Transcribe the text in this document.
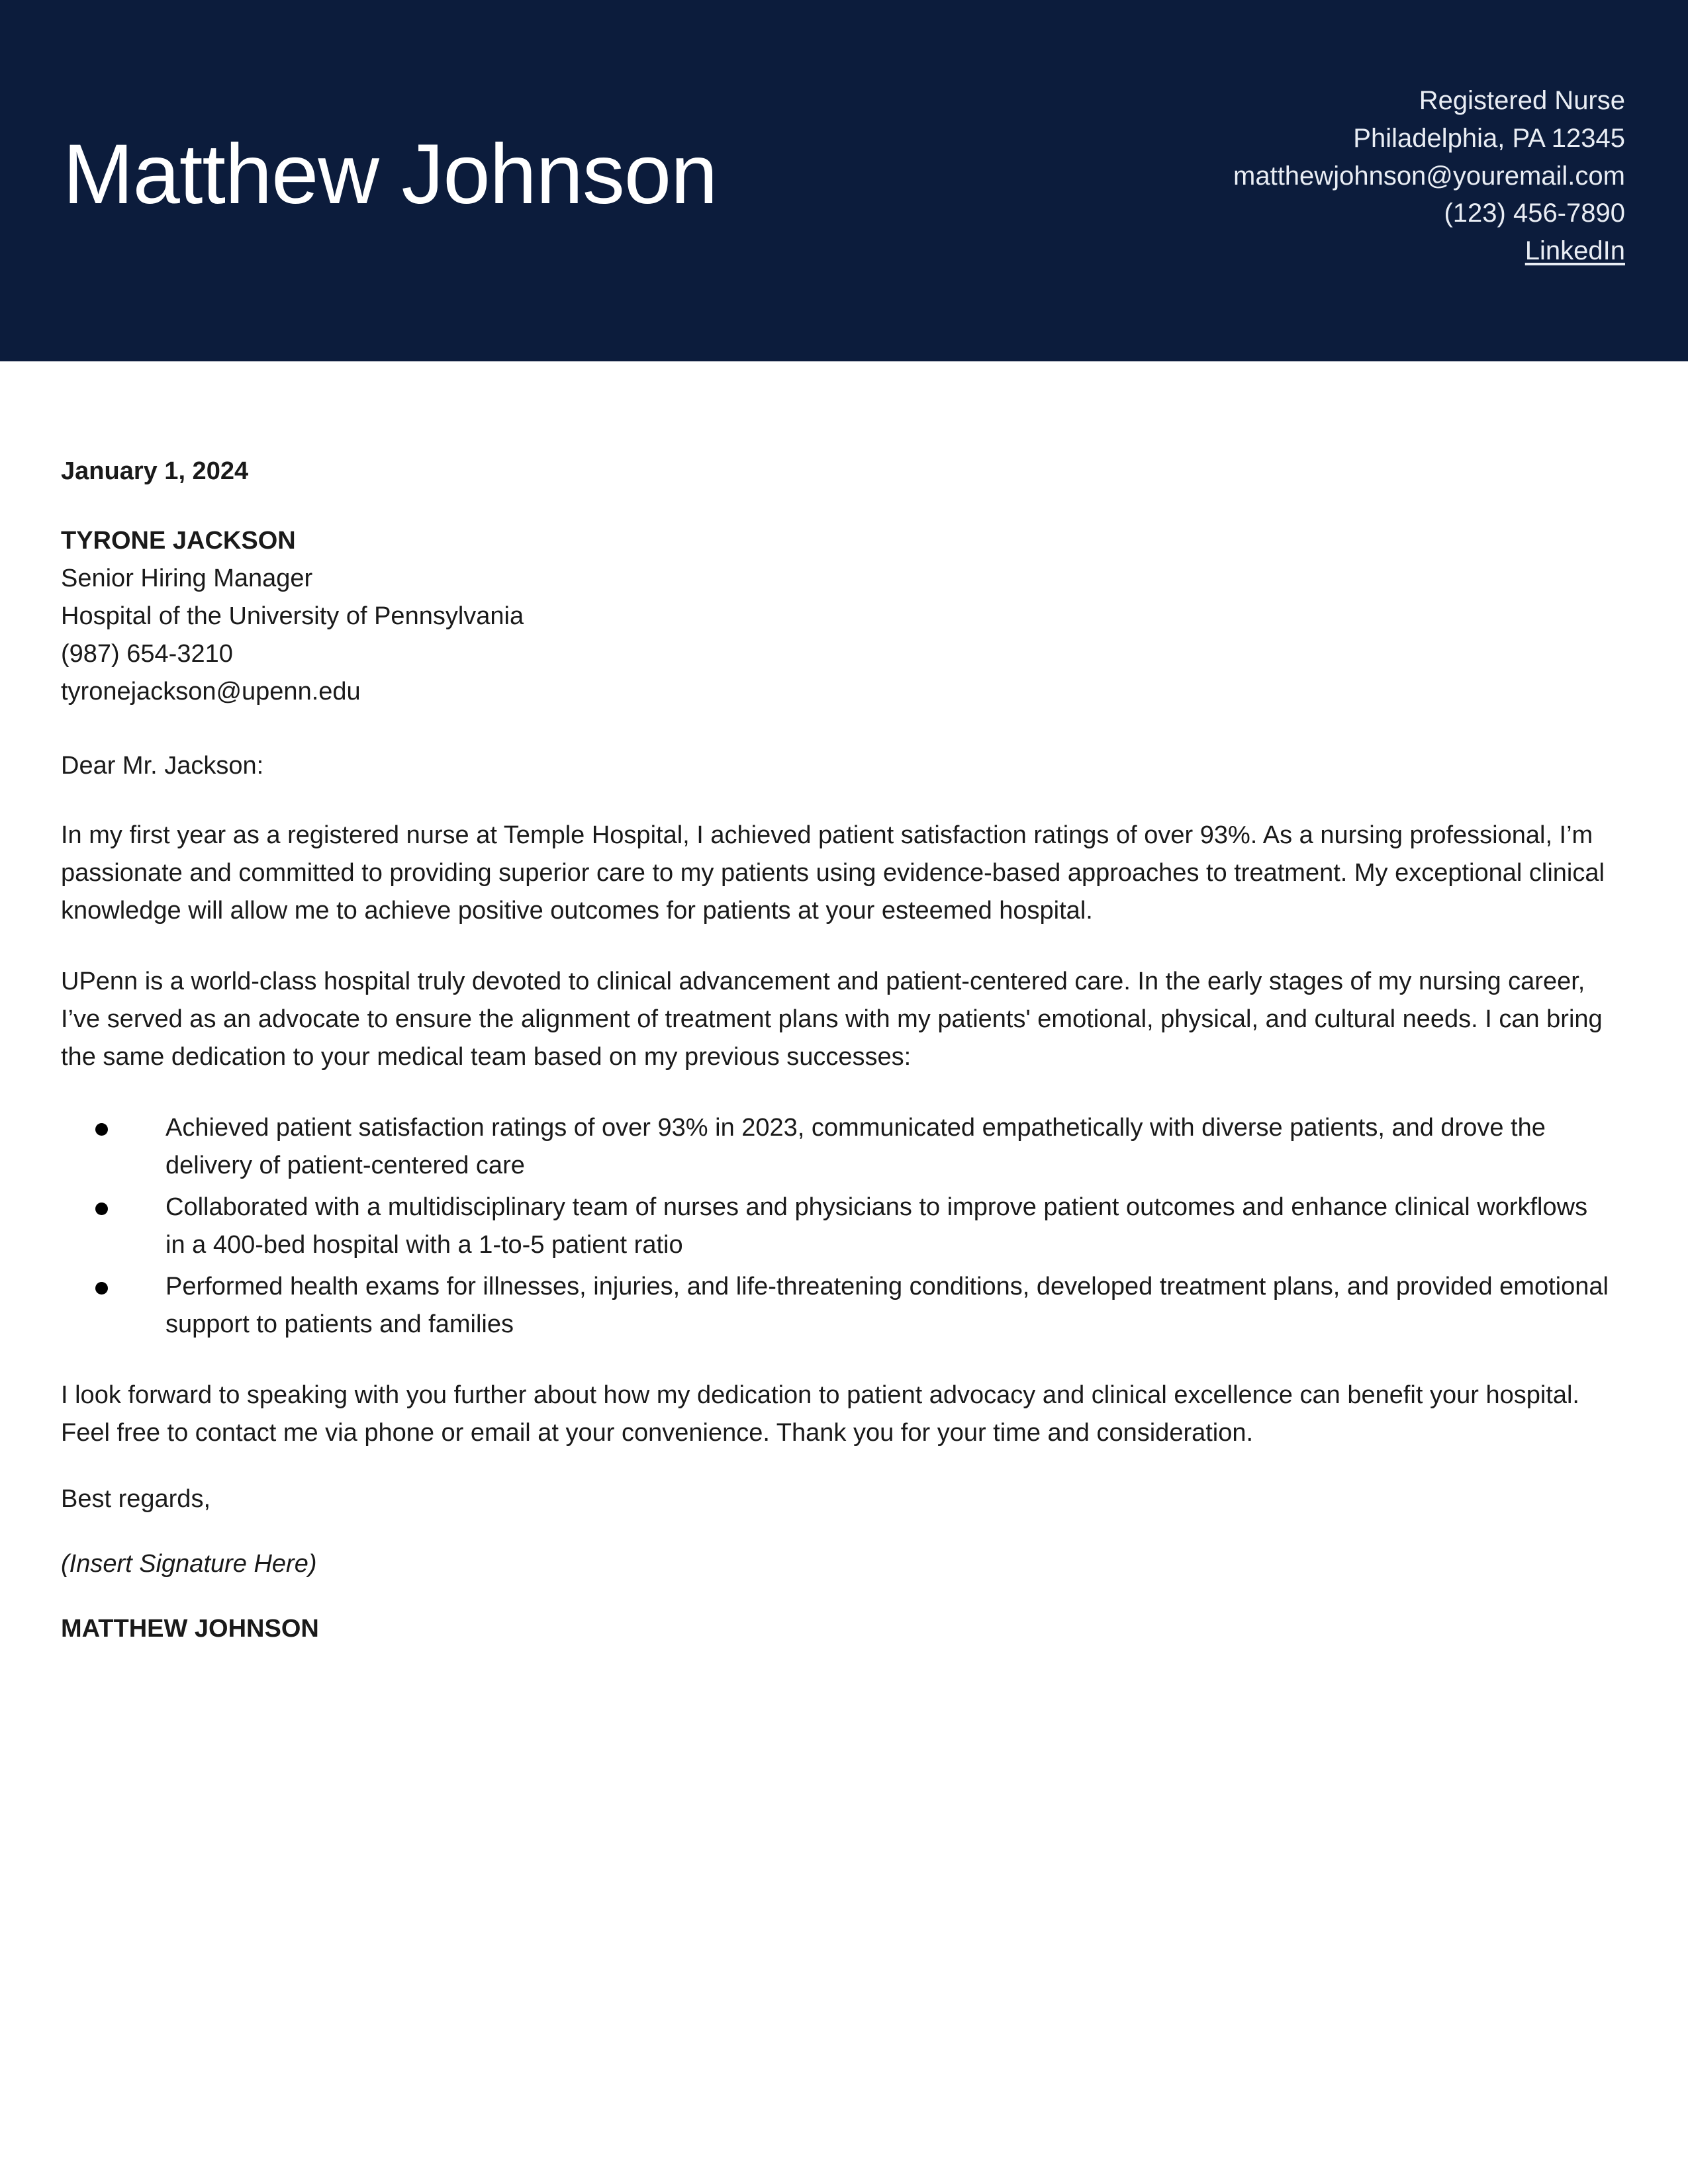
Matthew Johnson
Registered Nurse
Philadelphia, PA 12345
matthewjohnson@youremail.com
(123) 456-7890
LinkedIn

January 1, 2024

TYRONE JACKSON
Senior Hiring Manager
Hospital of the University of Pennsylvania
(987) 654-3210
tyronejackson@upenn.edu

Dear Mr. Jackson:

In my first year as a registered nurse at Temple Hospital, I achieved patient satisfaction ratings of over 93%. As a nursing professional, I’m passionate and committed to providing superior care to my patients using evidence-based approaches to treatment. My exceptional clinical knowledge will allow me to achieve positive outcomes for patients at your esteemed hospital.

UPenn is a world-class hospital truly devoted to clinical advancement and patient-centered care. In the early stages of my nursing career, I’ve served as an advocate to ensure the alignment of treatment plans with my patients' emotional, physical, and cultural needs. I can bring the same dedication to your medical team based on my previous successes:

Achieved patient satisfaction ratings of over 93% in 2023, communicated empathetically with diverse patients, and drove the delivery of patient-centered care
Collaborated with a multidisciplinary team of nurses and physicians to improve patient outcomes and enhance clinical workflows in a 400-bed hospital with a 1-to-5 patient ratio
Performed health exams for illnesses, injuries, and life-threatening conditions, developed treatment plans, and provided emotional support to patients and families

I look forward to speaking with you further about how my dedication to patient advocacy and clinical excellence can benefit your hospital. Feel free to contact me via phone or email at your convenience. Thank you for your time and consideration.

Best regards,

(Insert Signature Here)

MATTHEW JOHNSON
